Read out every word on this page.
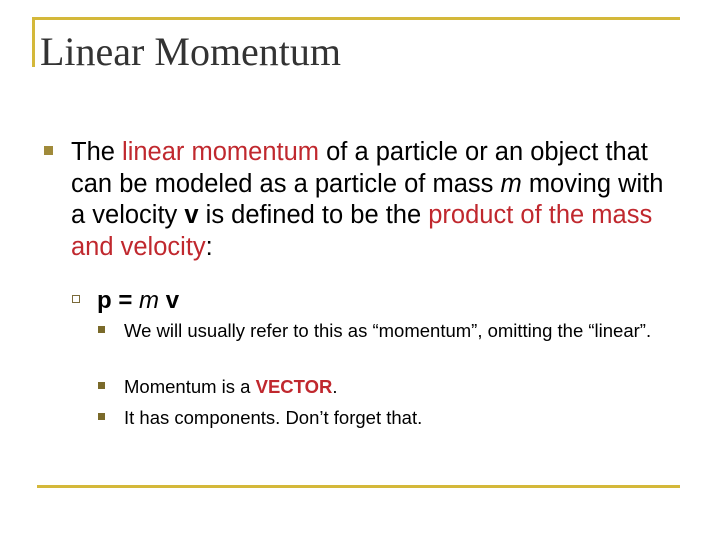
Linear Momentum
The linear momentum of a particle or an object that can be modeled as a particle of mass m moving with a velocity v is defined to be the product of the mass and velocity:
p = m v
We will usually refer to this as “momentum”, omitting the “linear”.
Momentum is a VECTOR.
It has components. Don’t forget that.
